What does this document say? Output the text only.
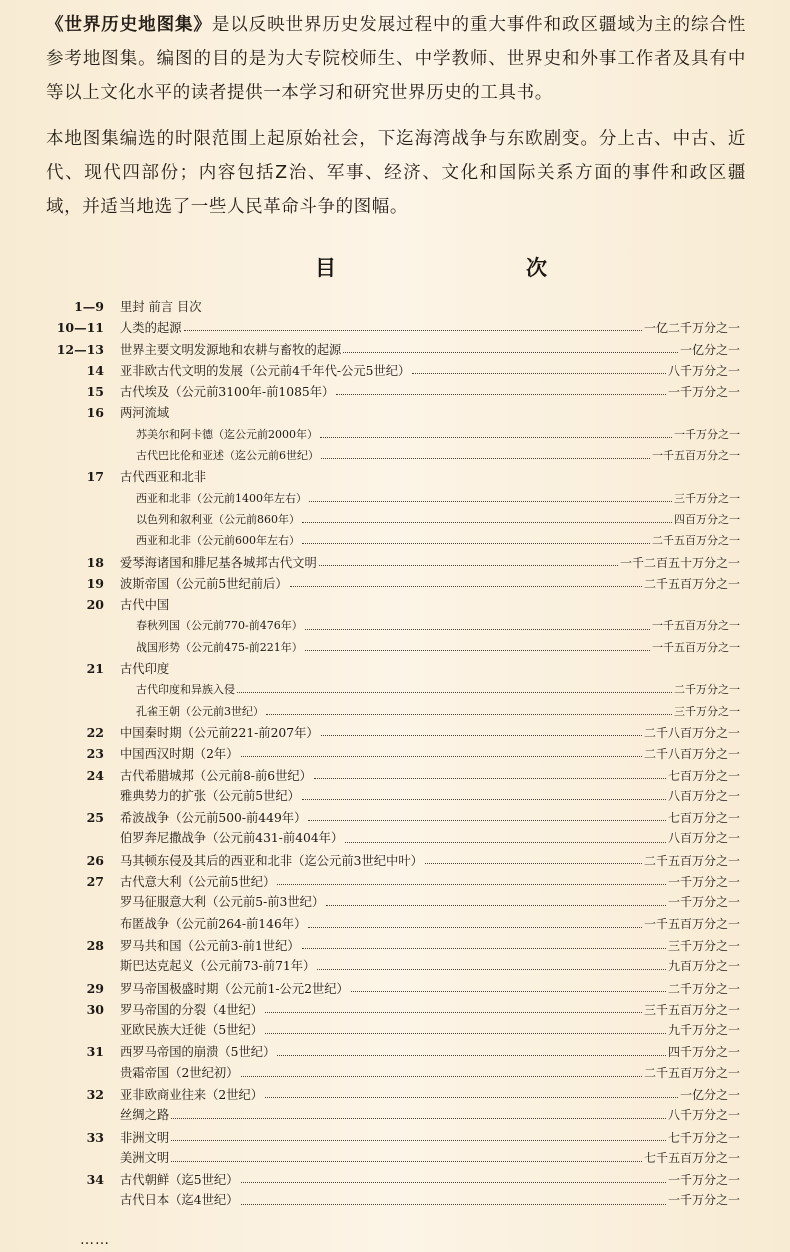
《世界历史地图集》是以反映世界历史发展过程中的重大事件和政区疆域为主的综合性参考地图集。编图的目的是为大专院校师生、中学教师、世界史和外事工作者及具有中等以上文化水平的读者提供一本学习和研究世界历史的工具书。

本地图集编选的时限范围上起原始社会，下迄海湾战争与东欧剧变。分上古、中古、近代、现代四部份；内容包括Z治、军事、经济、文化和国际关系方面的事件和政区疆域，并适当地选了一些人民革命斗争的图幅。

目	次
1—9	里封 前言 目次
10—11	人类的起源	一亿二千万分之一
12—13	世界主要文明发源地和农耕与畜牧的起源	一亿分之一
14	亚非欧古代文明的发展（公元前4千年代-公元5世纪）	八千万分之一
15	古代埃及（公元前3100年-前1085年）	一千万分之一
16	两河流域
苏美尔和阿卡德（迄公元前2000年）	一千万分之一
古代巴比伦和亚述（迄公元前6世纪）	一千五百万分之一
17	古代西亚和北非
西亚和北非（公元前1400年左右）	三千万分之一
以色列和叙利亚（公元前860年）	四百万分之一
西亚和北非（公元前600年左右）	二千五百万分之一
18	爱琴海诸国和腓尼基各城邦古代文明	一千二百五十万分之一
19	波斯帝国（公元前5世纪前后）	二千五百万分之一
20	古代中国
春秋列国（公元前770-前476年）	一千五百万分之一
战国形势（公元前475-前221年）	一千五百万分之一
21	古代印度
古代印度和异族入侵	二千万分之一
孔雀王朝（公元前3世纪）	三千万分之一
22	中国秦时期（公元前221-前207年）	二千八百万分之一
23	中国西汉时期（2年）	二千八百万分之一
24	古代希腊城邦（公元前8-前6世纪）	七百万分之一
雅典势力的扩张（公元前5世纪）	八百万分之一
25	希波战争（公元前500-前449年）	七百万分之一
伯罗奔尼撒战争（公元前431-前404年）	八百万分之一
26	马其顿东侵及其后的西亚和北非（迄公元前3世纪中叶）	二千五百万分之一
27	古代意大利（公元前5世纪）	一千万分之一
罗马征服意大利（公元前5-前3世纪）	一千万分之一
布匿战争（公元前264-前146年）	一千五百万分之一
28	罗马共和国（公元前3-前1世纪）	三千万分之一
斯巴达克起义（公元前73-前71年）	九百万分之一
29	罗马帝国极盛时期（公元前1-公元2世纪）	二千万分之一
30	罗马帝国的分裂（4世纪）	三千五百万分之一
亚欧民族大迁徙（5世纪）	九千万分之一
31	西罗马帝国的崩溃（5世纪）	四千万分之一
贵霜帝国（2世纪初）	二千五百万分之一
32	亚非欧商业往来（2世纪）	一亿分之一
丝绸之路	八千万分之一
33	非洲文明	七千万分之一
美洲文明	七千五百万分之一
34	古代朝鲜（迄5世纪）	一千万分之一
古代日本（迄4世纪）	一千万分之一
……
